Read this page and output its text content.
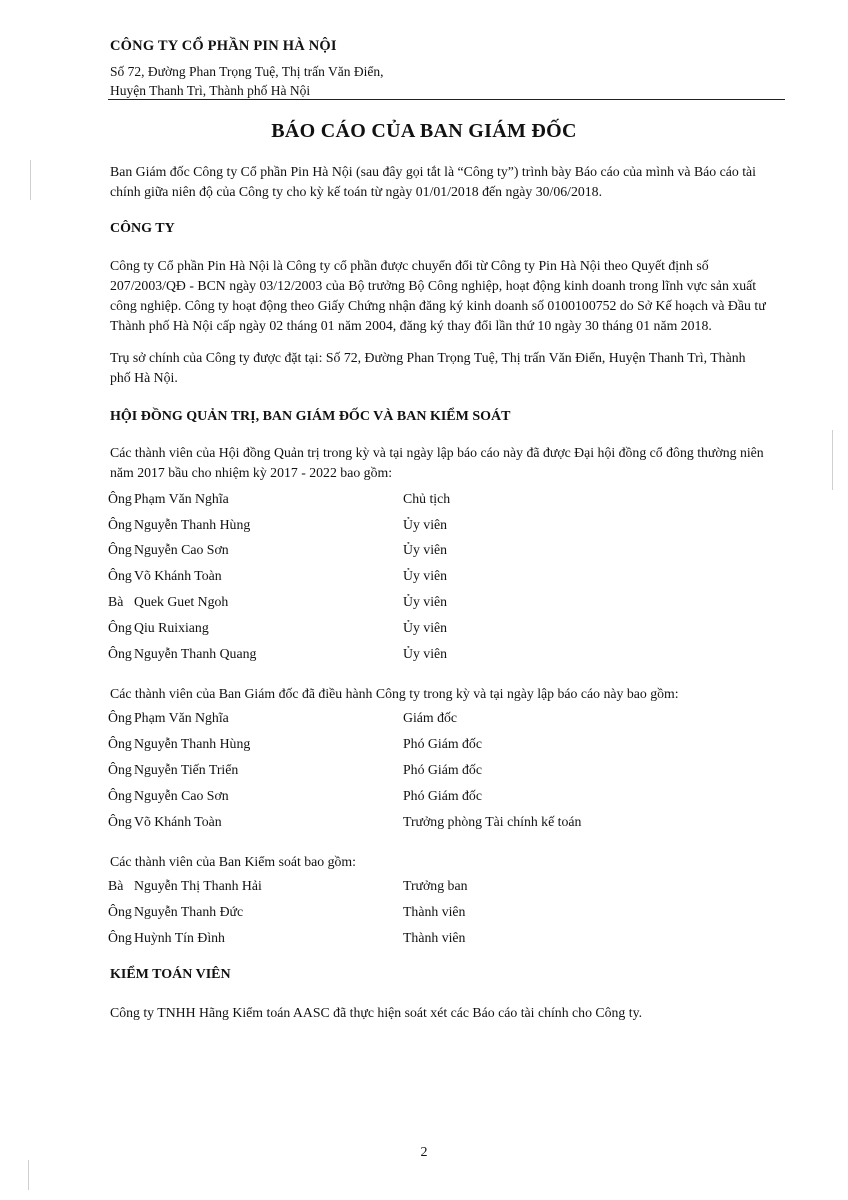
CÔNG TY CỔ PHẦN PIN HÀ NỘI
Số 72, Đường Phan Trọng Tuệ, Thị trấn Văn Điển,
Huyện Thanh Trì, Thành phố Hà Nội
BÁO CÁO CỦA BAN GIÁM ĐỐC
Ban Giám đốc Công ty Cổ phần Pin Hà Nội (sau đây gọi tắt là “Công ty”) trình bày Báo cáo của mình và Báo cáo tài
chính giữa niên độ của Công ty cho kỳ kế toán từ ngày 01/01/2018 đến ngày 30/06/2018.
CÔNG TY
Công ty Cổ phần Pin Hà Nội là Công ty cổ phần được chuyển đổi từ Công ty Pin Hà Nội theo Quyết định số
207/2003/QĐ - BCN ngày 03/12/2003 của Bộ trưởng Bộ Công nghiệp, hoạt động kinh doanh trong lĩnh vực sản xuất
công nghiệp. Công ty hoạt động theo Giấy Chứng nhận đăng ký kinh doanh số 0100100752 do Sở Kế hoạch và Đầu tư
Thành phố Hà Nội cấp ngày 02 tháng 01 năm 2004, đăng ký thay đổi lần thứ 10 ngày 30 tháng 01 năm 2018.
Trụ sở chính của Công ty được đặt tại: Số 72, Đường Phan Trọng Tuệ, Thị trấn Văn Điển, Huyện Thanh Trì, Thành
phố Hà Nội.
HỘI ĐỒNG QUẢN TRỊ, BAN GIÁM ĐỐC VÀ BAN KIỂM SOÁT
Các thành viên của Hội đồng Quản trị trong kỳ và tại ngày lập báo cáo này đã được Đại hội đồng cổ đông thường niên
năm 2017 bầu cho nhiệm kỳ 2017 - 2022 bao gồm:
Ông Phạm Văn Nghĩa	Chủ tịch
Ông Nguyễn Thanh Hùng	Ủy viên
Ông Nguyễn Cao Sơn	Ủy viên
Ông Võ Khánh Toàn	Ủy viên
Bà Quek Guet Ngoh	Ủy viên
Ông Qiu Ruixiang	Ủy viên
Ông Nguyễn Thanh Quang	Ủy viên
Các thành viên của Ban Giám đốc đã điều hành Công ty trong kỳ và tại ngày lập báo cáo này bao gồm:
Ông Phạm Văn Nghĩa	Giám đốc
Ông Nguyễn Thanh Hùng	Phó Giám đốc
Ông Nguyễn Tiến Triển	Phó Giám đốc
Ông Nguyễn Cao Sơn	Phó Giám đốc
Ông Võ Khánh Toàn	Trưởng phòng Tài chính kế toán
Các thành viên của Ban Kiểm soát bao gồm:
Bà Nguyễn Thị Thanh Hải	Trưởng ban
Ông Nguyễn Thanh Đức	Thành viên
Ông Huỳnh Tín Đình	Thành viên
KIỂM TOÁN VIÊN
Công ty TNHH Hãng Kiểm toán AASC đã thực hiện soát xét các Báo cáo tài chính cho Công ty.
2
